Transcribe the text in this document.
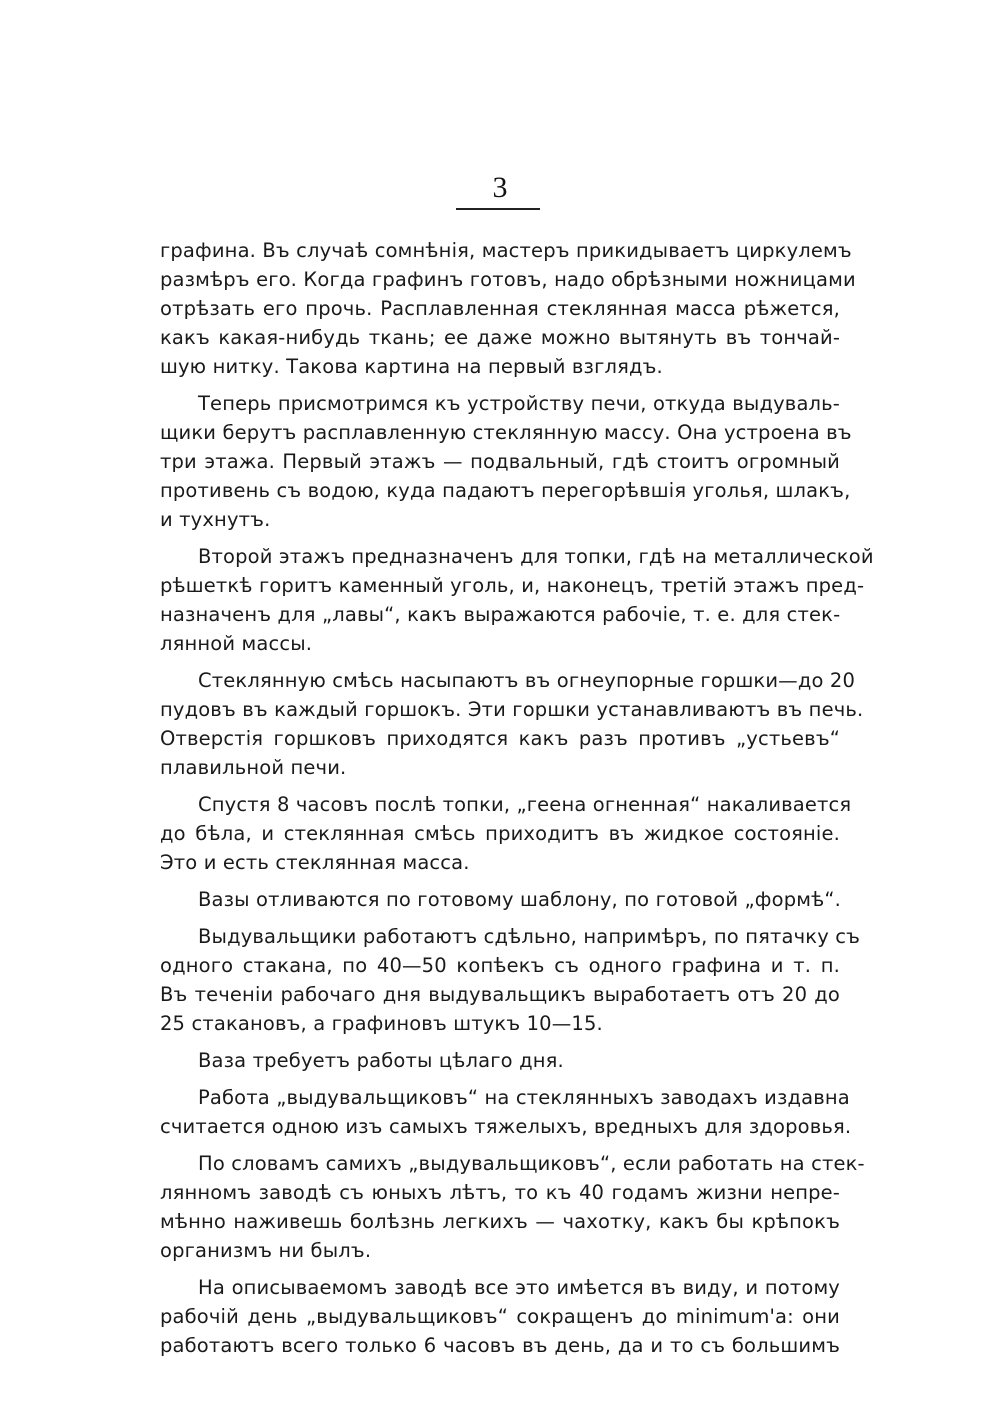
3
графина. Въ случаѣ сомнѣнія, мастеръ прикидываетъ циркулемъ
размѣръ его. Когда графинъ готовъ, надо обрѣзными ножницами
отрѣзать его прочь. Расплавленная стеклянная масса рѣжется,
какъ какая-нибудь ткань; ее даже можно вытянуть въ тончай-
шую нитку. Такова картина на первый взглядъ.
Теперь присмотримся къ устройству печи, откуда выдуваль-
щики берутъ расплавленную стеклянную массу. Она устроена въ
три этажа. Первый этажъ — подвальный, гдѣ стоитъ огромный
противень съ водою, куда падаютъ перегорѣвшія уголья, шлакъ,
и тухнутъ.
Второй этажъ предназначенъ для топки, гдѣ на металлической
рѣшеткѣ горитъ каменный уголь, и, наконецъ, третій этажъ пред-
назначенъ для „лавы“, какъ выражаются рабочіе, т. е. для стек-
лянной массы.
Стеклянную смѣсь насыпаютъ въ огнеупорные горшки—до 20
пудовъ въ каждый горшокъ. Эти горшки устанавливаютъ въ печь.
Отверстія горшковъ приходятся какъ разъ противъ „устьевъ“
плавильной печи.
Спустя 8 часовъ послѣ топки, „геена огненная“ накаливается
до бѣла, и стеклянная смѣсь приходитъ въ жидкое состояніе.
Это и есть стеклянная масса.
Вазы отливаются по готовому шаблону, по готовой „формѣ“.
Выдувальщики работаютъ сдѣльно, напримѣръ, по пятачку съ
одного стакана, по 40—50 копѣекъ съ одного графина и т. п.
Въ теченіи рабочаго дня выдувальщикъ выработаетъ отъ 20 до
25 стакановъ, а графиновъ штукъ 10—15.
Ваза требуетъ работы цѣлаго дня.
Работа „выдувальщиковъ“ на стеклянныхъ заводахъ издавна
считается одною изъ самыхъ тяжелыхъ, вредныхъ для здоровья.
По словамъ самихъ „выдувальщиковъ“, если работать на стек-
лянномъ заводѣ съ юныхъ лѣтъ, то къ 40 годамъ жизни непре-
мѣнно наживешь болѣзнь легкихъ — чахотку, какъ бы крѣпокъ
организмъ ни былъ.
На описываемомъ заводѣ все это имѣется въ виду, и потому
рабочій день „выдувальщиковъ“ сокращенъ до minimum'а: они
работаютъ всего только 6 часовъ въ день, да и то съ большимъ
